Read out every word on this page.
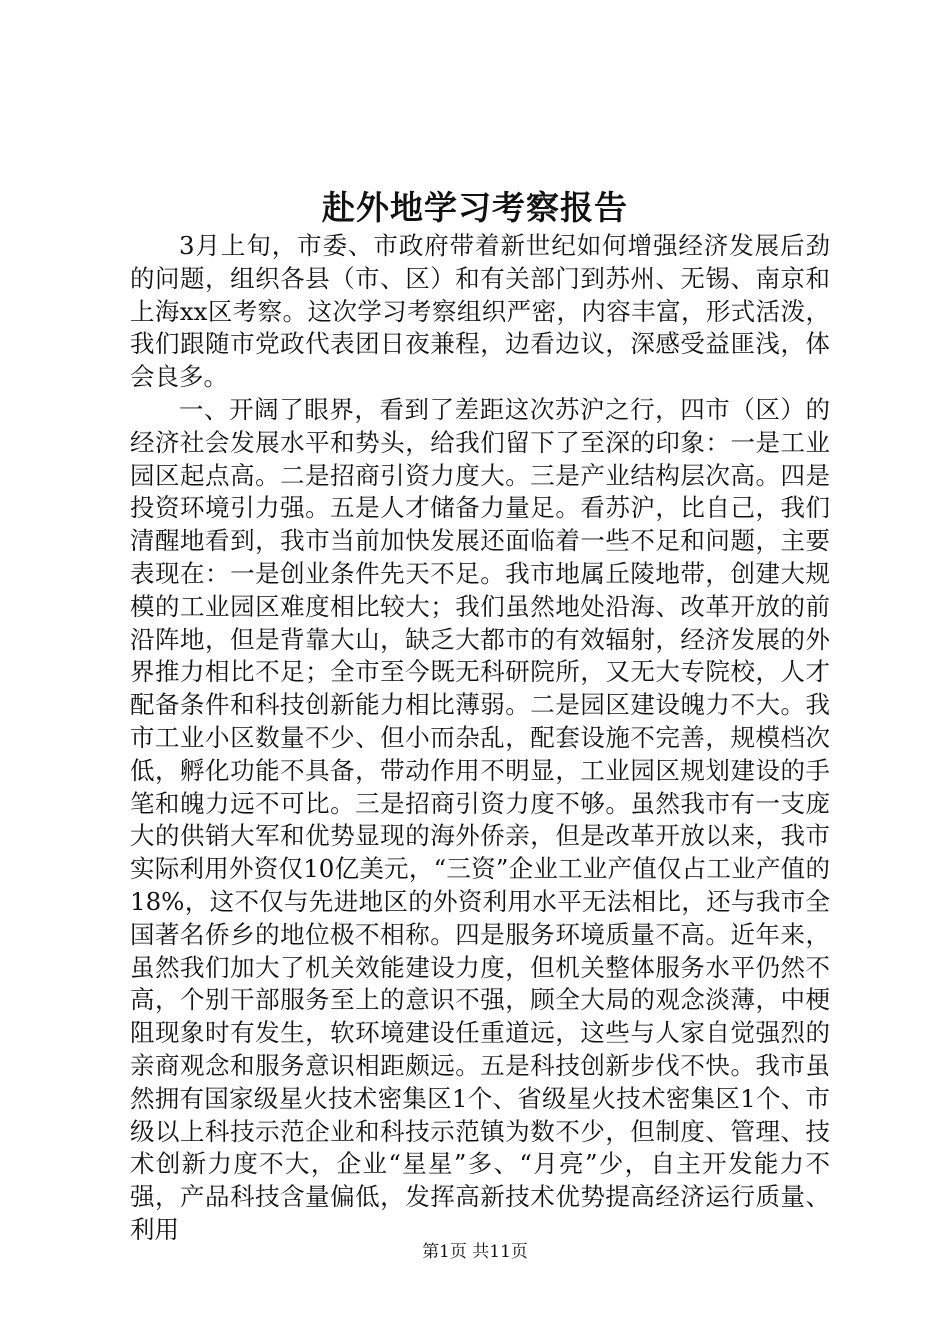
赴外地学习考察报告

3月上旬，市委、市政府带着新世纪如何增强经济发展后劲的问题，组织各县（市、区）和有关部门到苏州、无锡、南京和上海xx区考察。这次学习考察组织严密，内容丰富，形式活泼，我们跟随市党政代表团日夜兼程，边看边议，深感受益匪浅，体会良多。

一、开阔了眼界，看到了差距这次苏沪之行，四市（区）的经济社会发展水平和势头，给我们留下了至深的印象：一是工业园区起点高。二是招商引资力度大。三是产业结构层次高。四是投资环境引力强。五是人才储备力量足。看苏沪，比自己，我们清醒地看到，我市当前加快发展还面临着一些不足和问题，主要表现在：一是创业条件先天不足。我市地属丘陵地带，创建大规模的工业园区难度相比较大；我们虽然地处沿海、改革开放的前沿阵地，但是背靠大山，缺乏大都市的有效辐射，经济发展的外界推力相比不足；全市至今既无科研院所，又无大专院校，人才配备条件和科技创新能力相比薄弱。二是园区建设魄力不大。我市工业小区数量不少、但小而杂乱，配套设施不完善，规模档次低，孵化功能不具备，带动作用不明显，工业园区规划建设的手笔和魄力远不可比。三是招商引资力度不够。虽然我市有一支庞大的供销大军和优势显现的海外侨亲，但是改革开放以来，我市实际利用外资仅10亿美元，“三资”企业工业产值仅占工业产值的18%，这不仅与先进地区的外资利用水平无法相比，还与我市全国著名侨乡的地位极不相称。四是服务环境质量不高。近年来，虽然我们加大了机关效能建设力度，但机关整体服务水平仍然不高，个别干部服务至上的意识不强，顾全大局的观念淡薄，中梗阻现象时有发生，软环境建设任重道远，这些与人家自觉强烈的亲商观念和服务意识相距颇远。五是科技创新步伐不快。我市虽然拥有国家级星火技术密集区1个、省级星火技术密集区1个、市级以上科技示范企业和科技示范镇为数不少，但制度、管理、技术创新力度不大，企业“星星”多、“月亮”少，自主开发能力不强，产品科技含量偏低，发挥高新技术优势提高经济运行质量、利用

第1页 共11页
